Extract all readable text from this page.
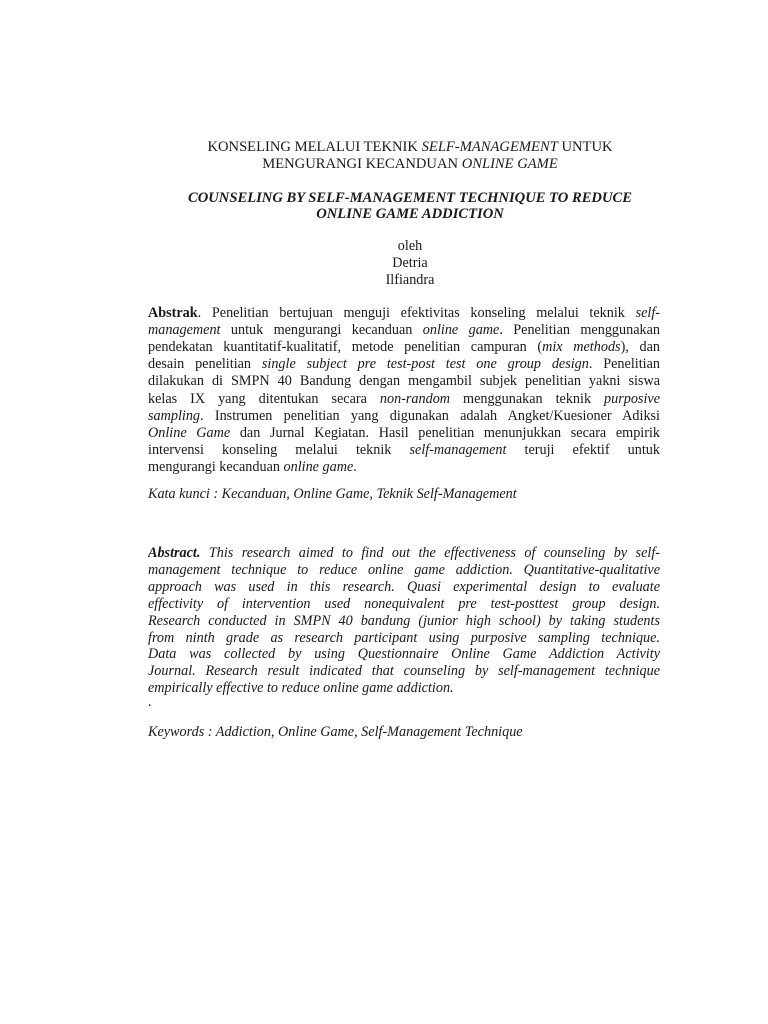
KONSELING MELALUI TEKNIK SELF-MANAGEMENT UNTUK
MENGURANGI KECANDUAN ONLINE GAME
COUNSELING BY SELF-MANAGEMENT TECHNIQUE TO REDUCE
ONLINE GAME ADDICTION
oleh
Detria
Ilfiandra
Abstrak. Penelitian bertujuan menguji efektivitas konseling melalui teknik self-
management untuk mengurangi kecanduan online game. Penelitian menggunakan
pendekatan kuantitatif-kualitatif, metode penelitian campuran (mix methods), dan
desain penelitian single subject pre test-post test one group design. Penelitian
dilakukan di SMPN 40 Bandung dengan mengambil subjek penelitian yakni siswa
kelas IX yang ditentukan secara non-random menggunakan teknik purposive
sampling. Instrumen penelitian yang digunakan adalah Angket/Kuesioner Adiksi
Online Game dan Jurnal Kegiatan. Hasil penelitian menunjukkan secara empirik
intervensi konseling melalui teknik self-management teruji efektif untuk
mengurangi kecanduan online game.
Kata kunci : Kecanduan, Online Game, Teknik Self-Management
Abstract. This research aimed to find out the effectiveness of counseling by self-
management technique to reduce online game addiction. Quantitative-qualitative
approach was used in this research. Quasi experimental design to evaluate
effectivity of intervention used nonequivalent pre test-posttest group design.
Research conducted in SMPN 40 bandung (junior high school) by taking students
from ninth grade as research participant using purposive sampling technique.
Data was collected by using Questionnaire Online Game Addiction Activity
Journal. Research result indicated that counseling by self-management technique
empirically effective to reduce online game addiction.
.
Keywords : Addiction, Online Game, Self-Management Technique
